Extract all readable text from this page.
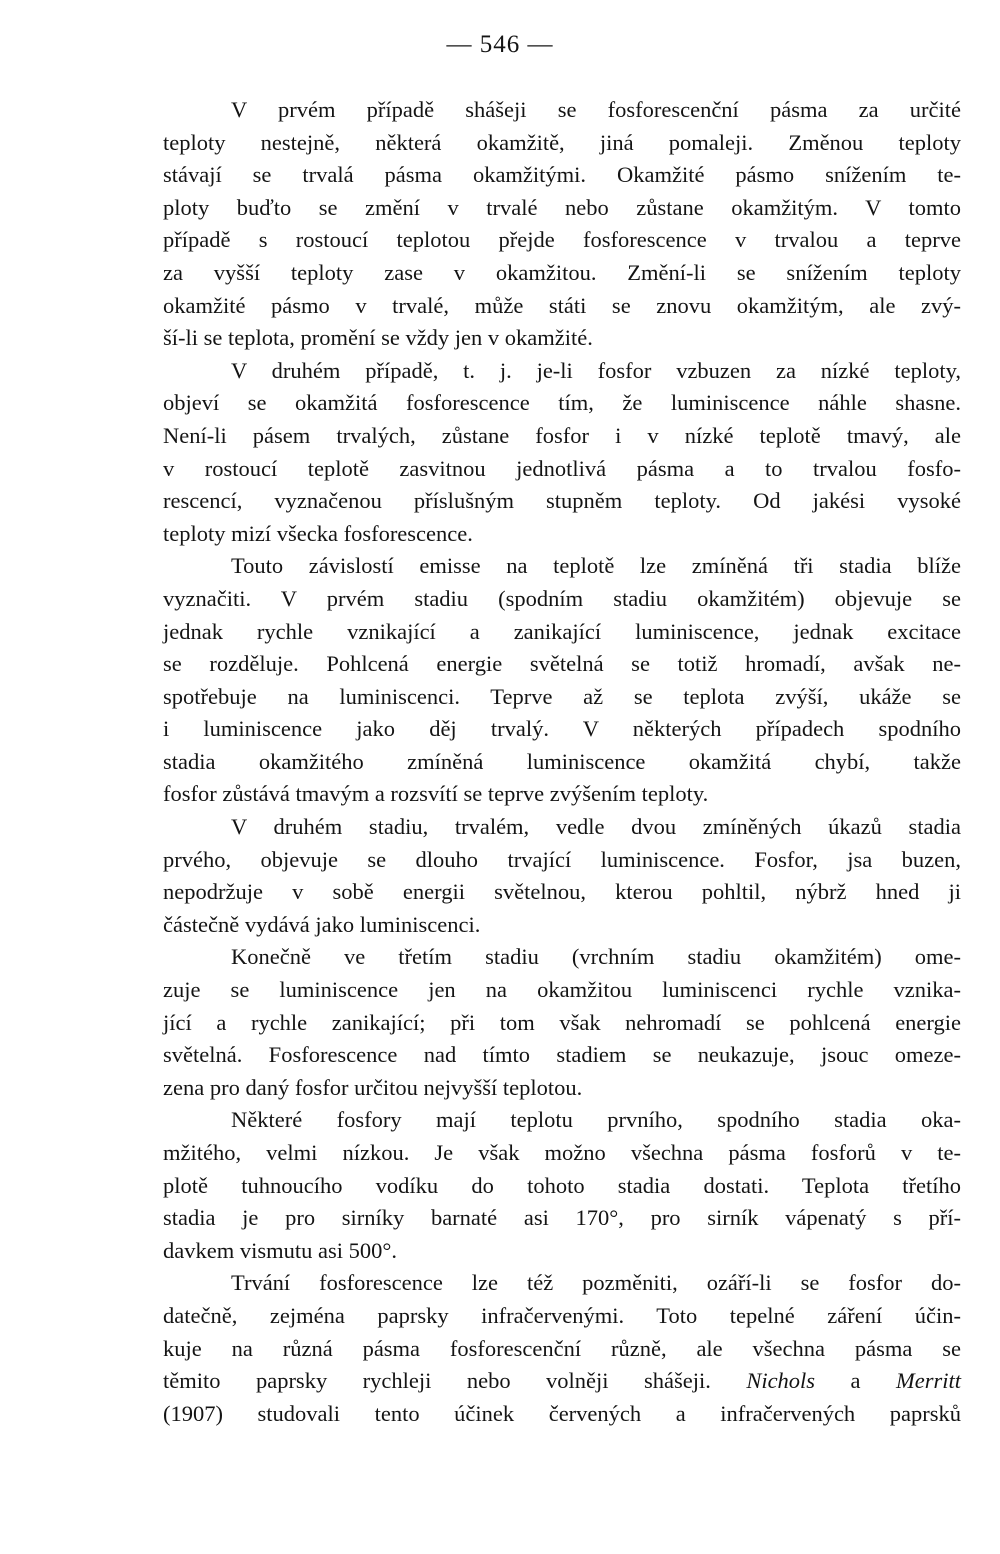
— 546 —
V prvém případě shášeji se fosforescenční pásma za určité
teploty nestejně, některá okamžitě, jiná pomaleji. Změnou teploty
stávají se trvalá pásma okamžitými. Okamžité pásmo snížením te-
ploty buďto se změní v trvalé nebo zůstane okamžitým. V tomto
případě s rostoucí teplotou přejde fosforescence v trvalou a teprve
za vyšší teploty zase v okamžitou. Změní-li se snížením teploty
okamžité pásmo v trvalé, může státi se znovu okamžitým, ale zvý-
ší-li se teplota, promění se vždy jen v okamžité.
V druhém případě, t. j. je-li fosfor vzbuzen za nízké teploty,
objeví se okamžitá fosforescence tím, že luminiscence náhle shasne.
Není-li pásem trvalých, zůstane fosfor i v nízké teplotě tmavý, ale
v rostoucí teplotě zasvitnou jednotlivá pásma a to trvalou fosfo-
rescencí, vyznačenou příslušným stupněm teploty. Od jakési vysoké
teploty mizí všecka fosforescence.
Touto závislostí emisse na teplotě lze zmíněná tři stadia blíže
vyznačiti. V prvém stadiu (spodním stadiu okamžitém) objevuje se
jednak rychle vznikající a zanikající luminiscence, jednak excitace
se rozděluje. Pohlcená energie světelná se totiž hromadí, avšak ne-
spotřebuje na luminiscenci. Teprve až se teplota zvýší, ukáže se
i luminiscence jako děj trvalý. V některých případech spodního
stadia okamžitého zmíněná luminiscence okamžitá chybí, takže
fosfor zůstává tmavým a rozsvítí se teprve zvýšením teploty.
V druhém stadiu, trvalém, vedle dvou zmíněných úkazů stadia
prvého, objevuje se dlouho trvající luminiscence. Fosfor, jsa buzen,
nepodržuje v sobě energii světelnou, kterou pohltil, nýbrž hned ji
částečně vydává jako luminiscenci.
Konečně ve třetím stadiu (vrchním stadiu okamžitém) ome-
zuje se luminiscence jen na okamžitou luminiscenci rychle vznika-
jící a rychle zanikající; při tom však nehromadí se pohlcená energie
světelná. Fosforescence nad tímto stadiem se neukazuje, jsouc omeze-
zena pro daný fosfor určitou nejvyšší teplotou.
Některé fosfory mají teplotu prvního, spodního stadia oka-
mžitého, velmi nízkou. Je však možno všechna pásma fosforů v te-
plotě tuhnoucího vodíku do tohoto stadia dostati. Teplota třetího
stadia je pro sirníky barnaté asi 170°, pro sirník vápenatý s pří-
davkem vismutu asi 500°.
Trvání fosforescence lze též pozměniti, ozáří-li se fosfor do-
datečně, zejména paprsky infračervenými. Toto tepelné záření účin-
kuje na různá pásma fosforescenční různě, ale všechna pásma se
těmito paprsky rychleji nebo volněji shášeji. Nichols a Merritt
(1907) studovali tento účinek červených a infračervených paprsků
